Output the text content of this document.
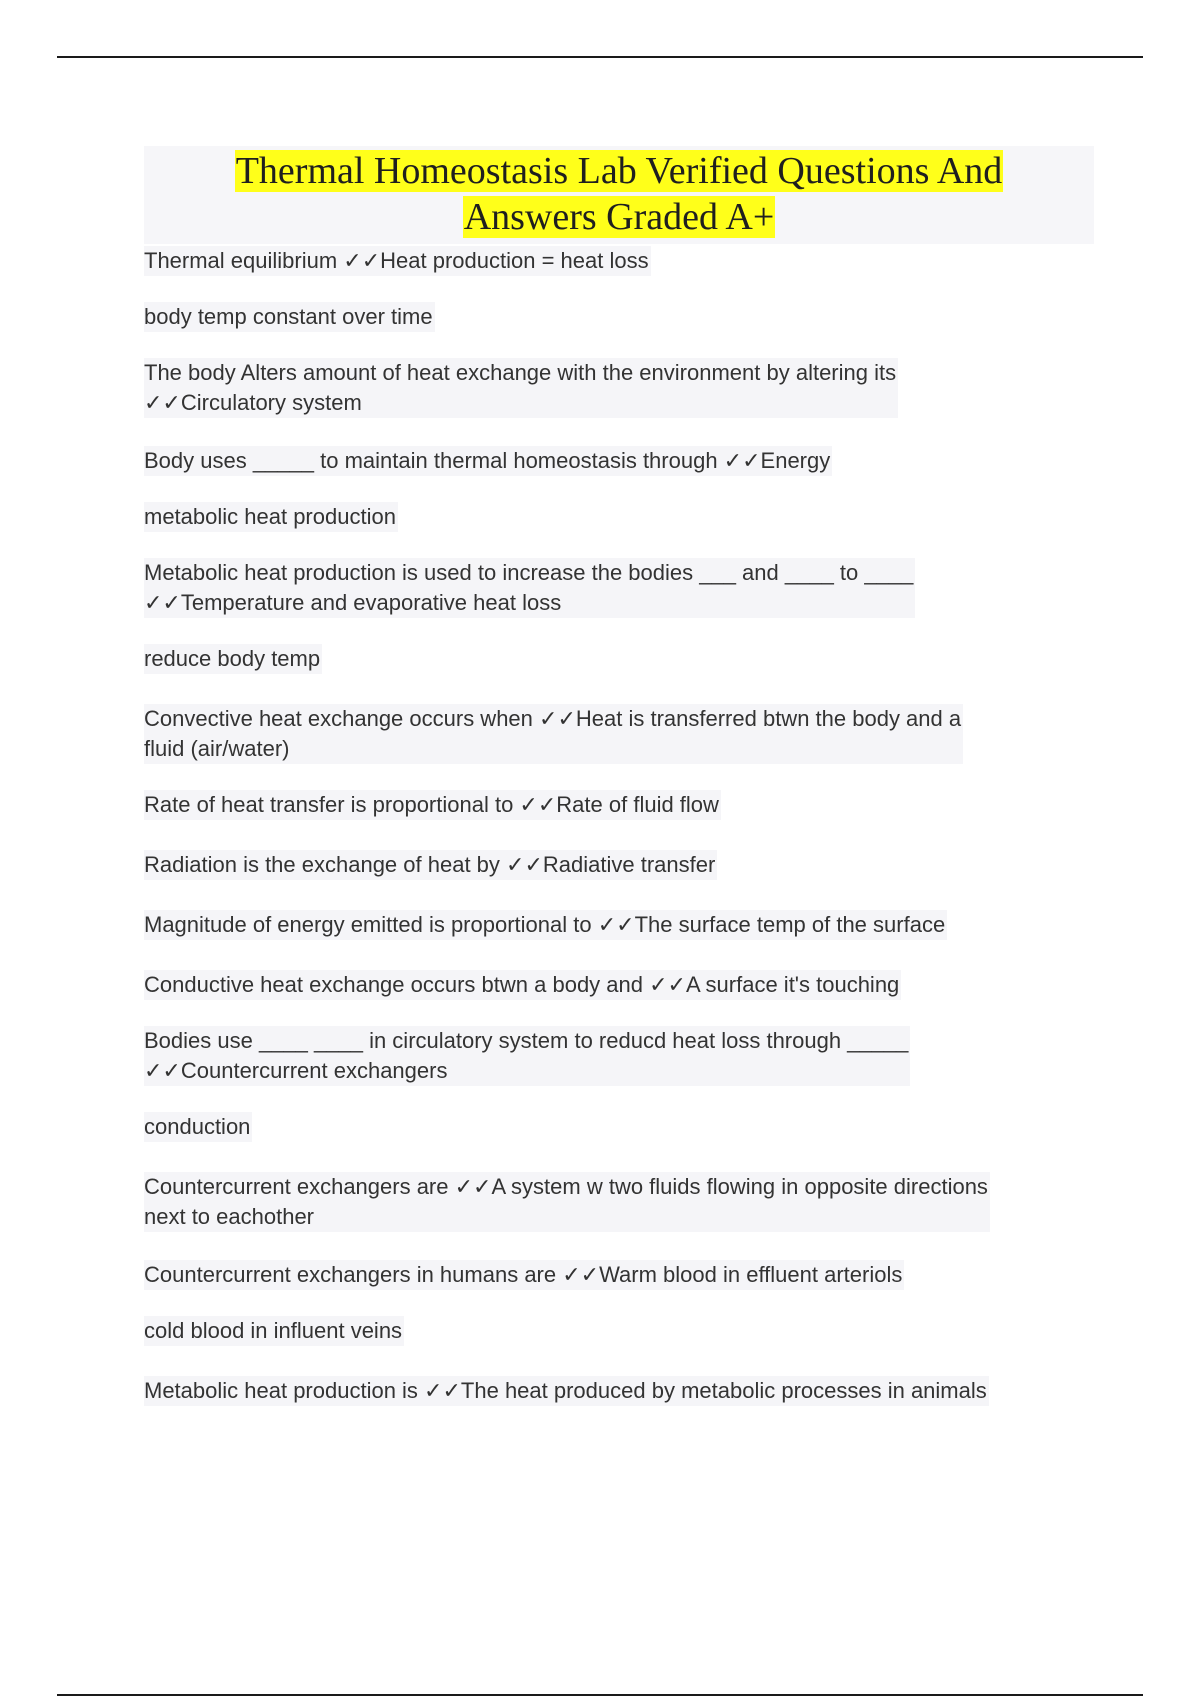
Thermal Homeostasis Lab Verified Questions And
Answers Graded A+
Thermal equilibrium ✓✓Heat production = heat loss
body temp constant over time
The body Alters amount of heat exchange with the environment by altering its
✓✓Circulatory system
Body uses _____ to maintain thermal homeostasis through ✓✓Energy
metabolic heat production
Metabolic heat production is used to increase the bodies ___ and ____ to ____
✓✓Temperature and evaporative heat loss
reduce body temp
Convective heat exchange occurs when ✓✓Heat is transferred btwn the body and a
fluid (air/water)
Rate of heat transfer is proportional to ✓✓Rate of fluid flow
Radiation is the exchange of heat by ✓✓Radiative transfer
Magnitude of energy emitted is proportional to ✓✓The surface temp of the surface
Conductive heat exchange occurs btwn a body and ✓✓A surface it's touching
Bodies use ____ ____ in circulatory system to reducd heat loss through _____
✓✓Countercurrent exchangers
conduction
Countercurrent exchangers are ✓✓A system w two fluids flowing in opposite directions
next to eachother
Countercurrent exchangers in humans are ✓✓Warm blood in effluent arteriols
cold blood in influent veins
Metabolic heat production is ✓✓The heat produced by metabolic processes in animals
